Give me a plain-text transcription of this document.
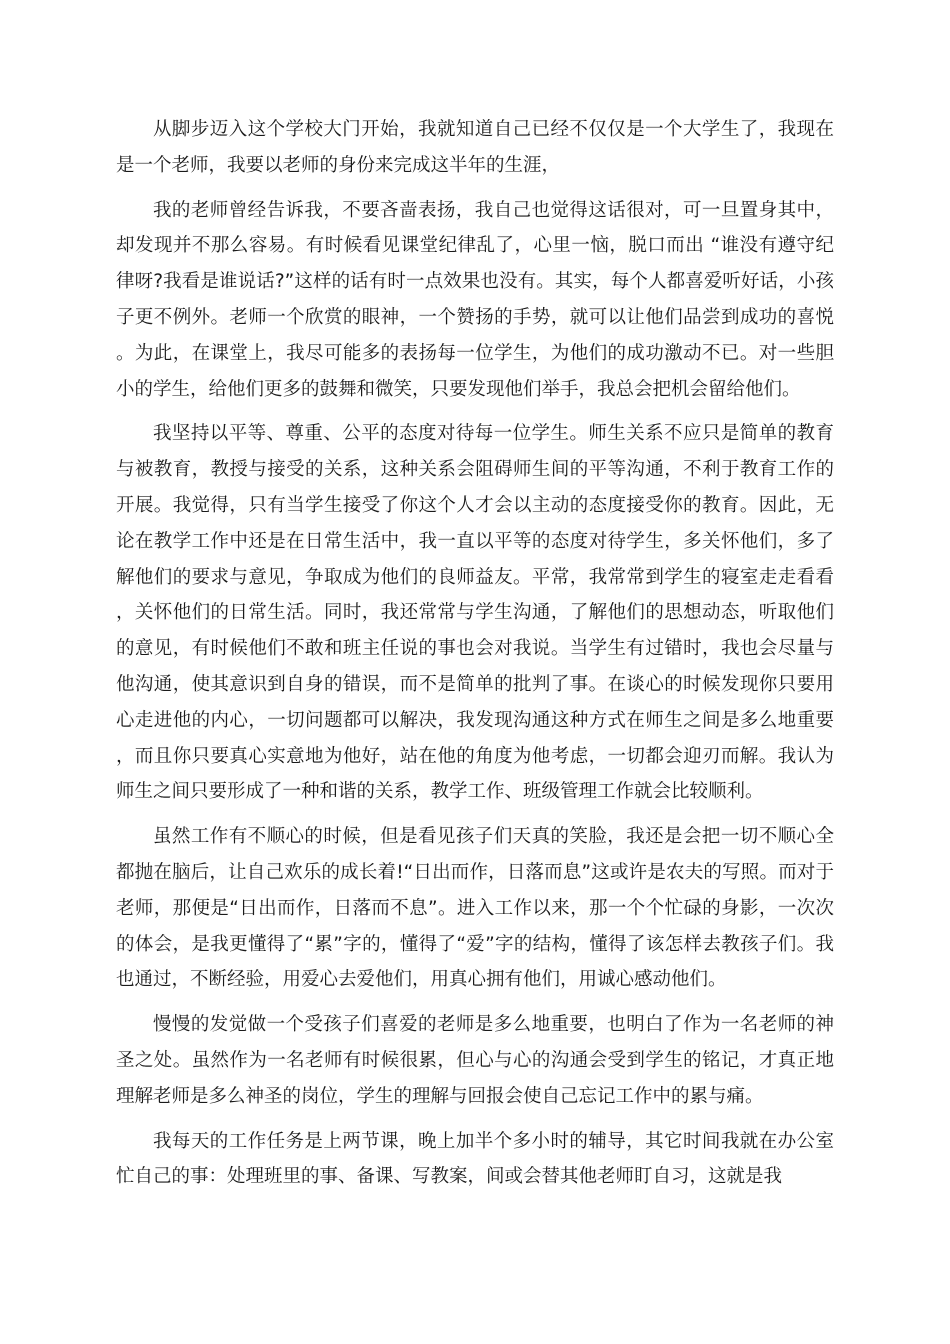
从脚步迈入这个学校大门开始，我就知道自己已经不仅仅是一个大学生了，我现在是一个老师，我要以老师的身份来完成这半年的生涯，

我的老师曾经告诉我，不要吝啬表扬，我自己也觉得这话很对，可一旦置身其中，却发现并不那么容易。有时候看见课堂纪律乱了，心里一恼，脱口而出 “谁没有遵守纪律呀?我看是谁说话?”这样的话有时一点效果也没有。其实，每个人都喜爱听好话，小孩子更不例外。老师一个欣赏的眼神，一个赞扬的手势，就可以让他们品尝到成功的喜悦。为此，在课堂上，我尽可能多的表扬每一位学生，为他们的成功激动不已。对一些胆小的学生，给他们更多的鼓舞和微笑，只要发现他们举手，我总会把机会留给他们。

我坚持以平等、尊重、公平的态度对待每一位学生。师生关系不应只是简单的教育与被教育，教授与接受的关系，这种关系会阻碍师生间的平等沟通，不利于教育工作的开展。我觉得，只有当学生接受了你这个人才会以主动的态度接受你的教育。因此，无论在教学工作中还是在日常生活中，我一直以平等的态度对待学生，多关怀他们，多了解他们的要求与意见，争取成为他们的良师益友。平常，我常常到学生的寝室走走看看，关怀他们的日常生活。同时，我还常常与学生沟通，了解他们的思想动态，听取他们的意见，有时候他们不敢和班主任说的事也会对我说。当学生有过错时，我也会尽量与他沟通，使其意识到自身的错误，而不是简单的批判了事。在谈心的时候发现你只要用心走进他的内心，一切问题都可以解决，我发现沟通这种方式在师生之间是多么地重要，而且你只要真心实意地为他好，站在他的角度为他考虑，一切都会迎刃而解。我认为师生之间只要形成了一种和谐的关系，教学工作、班级管理工作就会比较顺利。

虽然工作有不顺心的时候，但是看见孩子们天真的笑脸，我还是会把一切不顺心全都抛在脑后，让自己欢乐的成长着!“日出而作，日落而息”这或许是农夫的写照。而对于老师，那便是“日出而作，日落而不息”。进入工作以来，那一个个忙碌的身影，一次次的体会，是我更懂得了“累”字的，懂得了“爱”字的结构，懂得了该怎样去教孩子们。我也通过，不断经验，用爱心去爱他们，用真心拥有他们，用诚心感动他们。

慢慢的发觉做一个受孩子们喜爱的老师是多么地重要，也明白了作为一名老师的神圣之处。虽然作为一名老师有时候很累，但心与心的沟通会受到学生的铭记，才真正地理解老师是多么神圣的岗位，学生的理解与回报会使自己忘记工作中的累与痛。

我每天的工作任务是上两节课，晚上加半个多小时的辅导，其它时间我就在办公室忙自己的事：处理班里的事、备课、写教案，间或会替其他老师盯自习，这就是我
